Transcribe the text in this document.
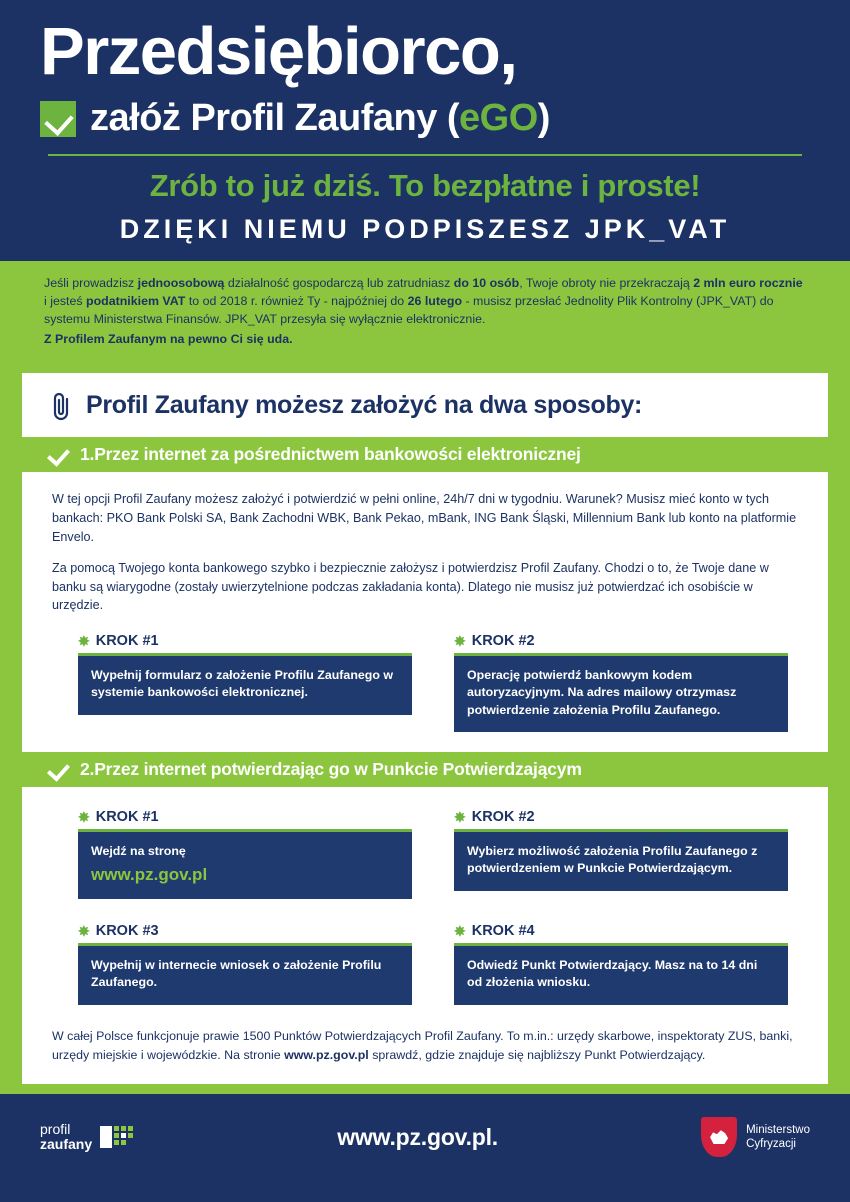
Przedsiębiorco,
załóż Profil Zaufany (eGO)
Zrób to już dziś. To bezpłatne i proste!
DZIĘKI NIEMU PODPISZESZ JPK_VAT
Jeśli prowadzisz jednoosobową działalność gospodarczą lub zatrudniasz do 10 osób, Twoje obroty nie przekraczają 2 mln euro rocznie i jesteś podatnikiem VAT to od 2018 r. również Ty - najpóźniej do 26 lutego - musisz przesłać Jednolity Plik Kontrolny (JPK_VAT) do systemu Ministerstwa Finansów. JPK_VAT przesyła się wyłącznie elektronicznie.
Z Profilem Zaufanym na pewno Ci się uda.
Profil Zaufany możesz założyć na dwa sposoby:
1.Przez internet za pośrednictwem bankowości elektronicznej

W tej opcji Profil Zaufany możesz założyć i potwierdzić w pełni online, 24h/7 dni w tygodniu. Warunek? Musisz mieć konto w tych bankach: PKO Bank Polski SA, Bank Zachodni WBK, Bank Pekao, mBank, ING Bank Śląski, Millennium Bank lub konto na platformie Envelo.

Za pomocą Twojego konta bankowego szybko i bezpiecznie założysz i potwierdzisz Profil Zaufany. Chodzi o to, że Twoje dane w banku są wiarygodne (zostały uwierzytelnione podczas zakładania konta). Dlatego nie musisz już potwierdzać ich osobiście w urzędzie.

✸ KROK #1
Wypełnij formularz o założenie Profilu Zaufanego w systemie bankowości elektronicznej.
✸ KROK #2
Operację potwierdź bankowym kodem autoryzacyjnym. Na adres mailowy otrzymasz potwierdzenie założenia Profilu Zaufanego.
2.Przez internet potwierdzając go w Punkcie Potwierdzającym
✸ KROK #1
Wejdź na stronę
www.pz.gov.pl
✸ KROK #2
Wybierz możliwość założenia Profilu Zaufanego z potwierdzeniem w Punkcie Potwierdzającym.
✸ KROK #3
Wypełnij w internecie wniosek o założenie Profilu Zaufanego.
✸ KROK #4
Odwiedź Punkt Potwierdzający. Masz na to 14 dni od złożenia wniosku.
W całej Polsce funkcjonuje prawie 1500 Punktów Potwierdzających Profil Zaufany. To m.in.: urzędy skarbowe, inspektoraty ZUS, banki, urzędy miejskie i wojewódzkie. Na stronie www.pz.gov.pl sprawdź, gdzie znajduje się najbliższy Punkt Potwierdzający.
profil
zaufany	www.pz.gov.pl.	Ministerstwo
Cyfryzacji
